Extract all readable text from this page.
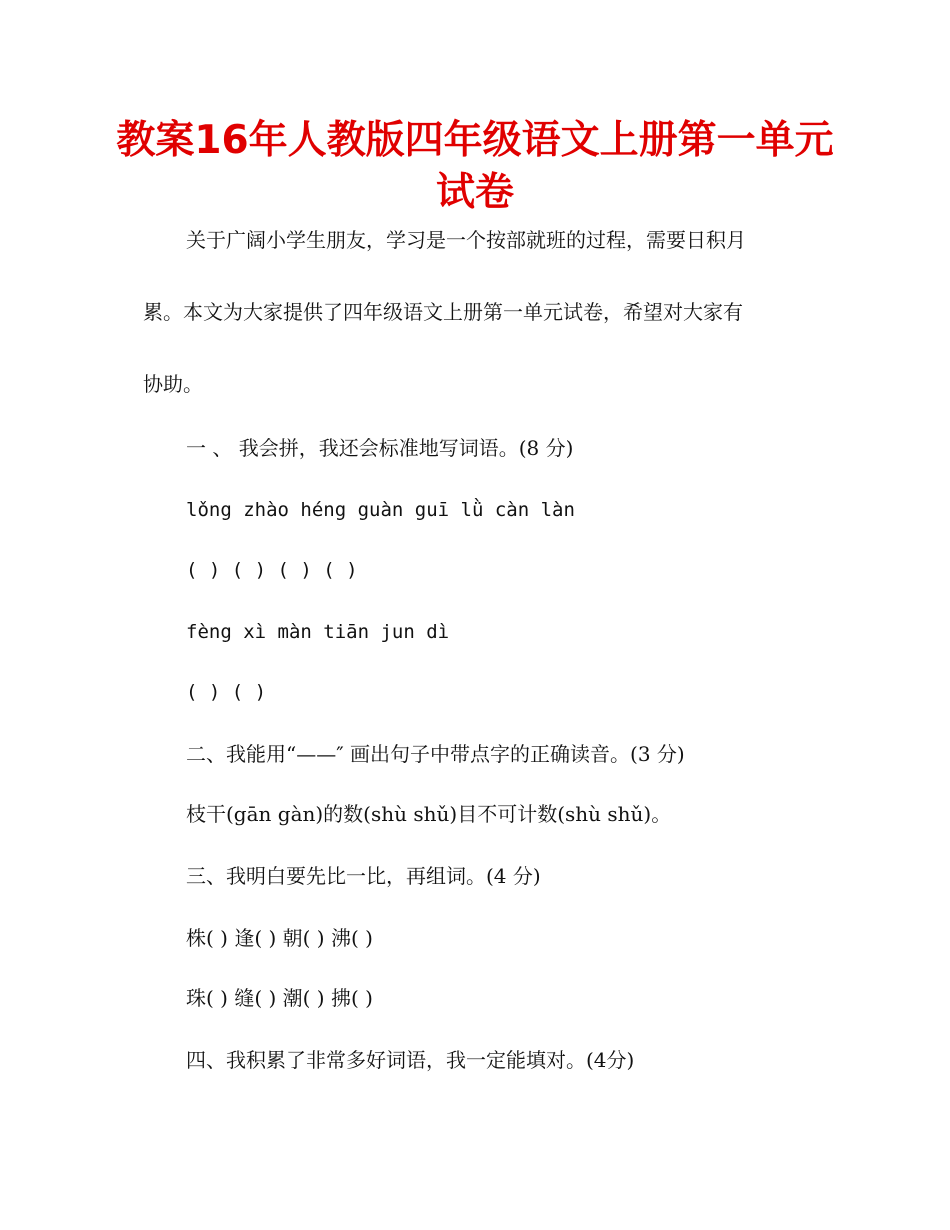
教案16年人教版四年级语文上册第一单元
试卷

关于广阔小学生朋友，学习是一个按部就班的过程，需要日积月

累。本文为大家提供了四年级语文上册第一单元试卷，希望对大家有

协助。

一 、 我会拼，我还会标准地写词语。(8 分)

lǒng zhào héng guàn guī lǜ càn làn

( ) ( ) ( ) ( )

fèng xì màn tiān jun dì

( ) ( )

二、我能用“——″ 画出句子中带点字的正确读音。(3 分)

枝干(gān gàn)的数(shù shǔ)目不可计数(shù shǔ)。

三、我明白要先比一比，再组词。(4 分)

株( ) 逢( ) 朝( ) 沸( )

珠( ) 缝( ) 潮( ) 拂( )

四、我积累了非常多好词语，我一定能填对。(4分)
